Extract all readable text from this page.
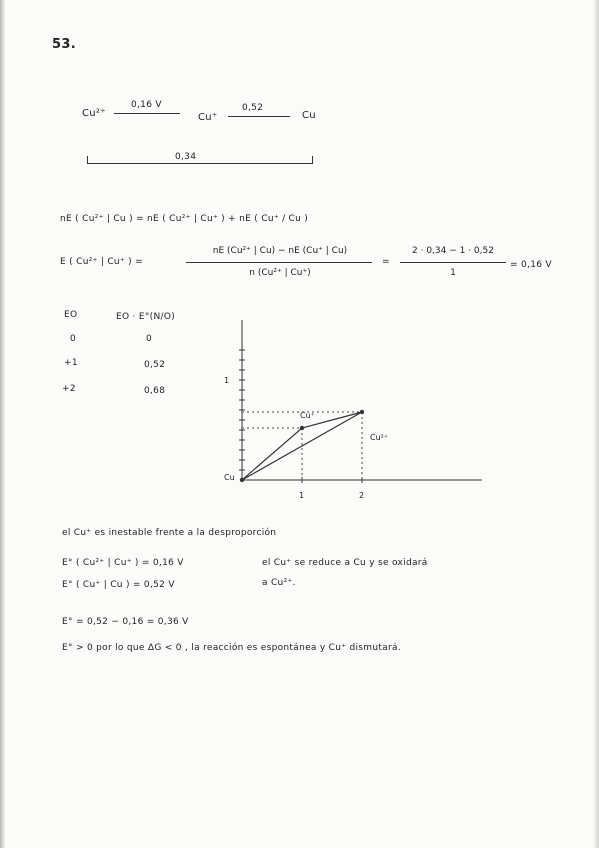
53.
Cu²⁺
0,16 V
Cu⁺
0,52
Cu
0,34
nE ( Cu²⁺ | Cu ) = nE ( Cu²⁺ | Cu⁺ ) + nE ( Cu⁺ / Cu )
E ( Cu²⁺ | Cu⁺ ) =
nE (Cu²⁺ | Cu) − nE (Cu⁺ | Cu)
n (Cu²⁺ | Cu⁺)
=
2 · 0,34 − 1 · 0,52
1
= 0,16 V
EO	EO · E°(N/O)
0	0
+1	0,52
+2	0,68
1
1	2
Cu
Cu⁺
Cu²⁺
el Cu⁺ es inestable frente a la desproporción
E° ( Cu²⁺ | Cu⁺ ) = 0,16 V
E° ( Cu⁺ | Cu ) = 0,52 V
el Cu⁺ se reduce a Cu y se oxidará
a Cu²⁺.
E° = 0,52 − 0,16 = 0,36 V
E° > 0 por lo que ΔG < 0 , la reacción es espontánea y Cu⁺ dismutará.
